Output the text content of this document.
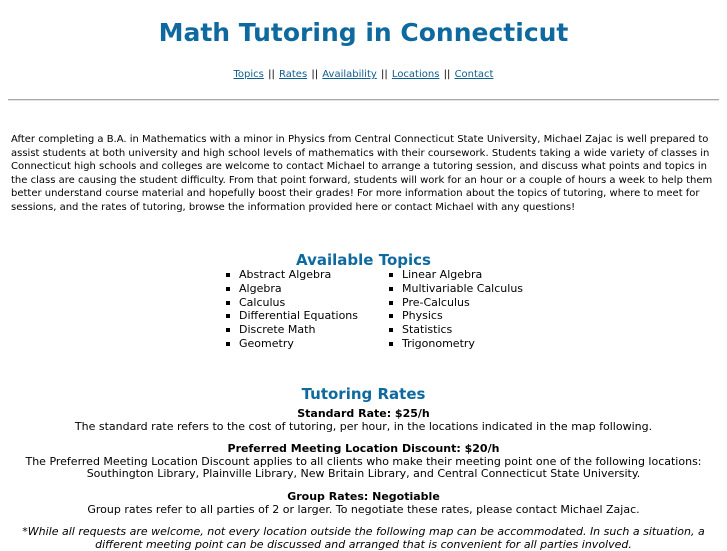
Math Tutoring in Connecticut
Topics || Rates || Availability || Locations || Contact

After completing a B.A. in Mathematics with a minor in Physics from Central Connecticut State University, Michael Zajac is well prepared to assist students at both university and high school levels of mathematics with their coursework. Students taking a wide variety of classes in Connecticut high schools and colleges are welcome to contact Michael to arrange a tutoring session, and discuss what points and topics in the class are causing the student difficulty. From that point forward, students will work for an hour or a couple of hours a week to help them better understand course material and hopefully boost their grades! For more information about the topics of tutoring, where to meet for sessions, and the rates of tutoring, browse the information provided here or contact Michael with any questions!

Available Topics
Abstract Algebra
Algebra
Calculus
Differential Equations
Discrete Math
Geometry
Linear Algebra
Multivariable Calculus
Pre-Calculus
Physics
Statistics
Trigonometry
Tutoring Rates
Standard Rate: $25/h
The standard rate refers to the cost of tutoring, per hour, in the locations indicated in the map following.
Preferred Meeting Location Discount: $20/h
The Preferred Meeting Location Discount applies to all clients who make their meeting point one of the following locations: Southington Library, Plainville Library, New Britain Library, and Central Connecticut State University.
Group Rates: Negotiable
Group rates refer to all parties of 2 or larger. To negotiate these rates, please contact Michael Zajac.
*While all requests are welcome, not every location outside the following map can be accommodated. In such a situation, a different meeting point can be discussed and arranged that is convenient for all parties involved.
